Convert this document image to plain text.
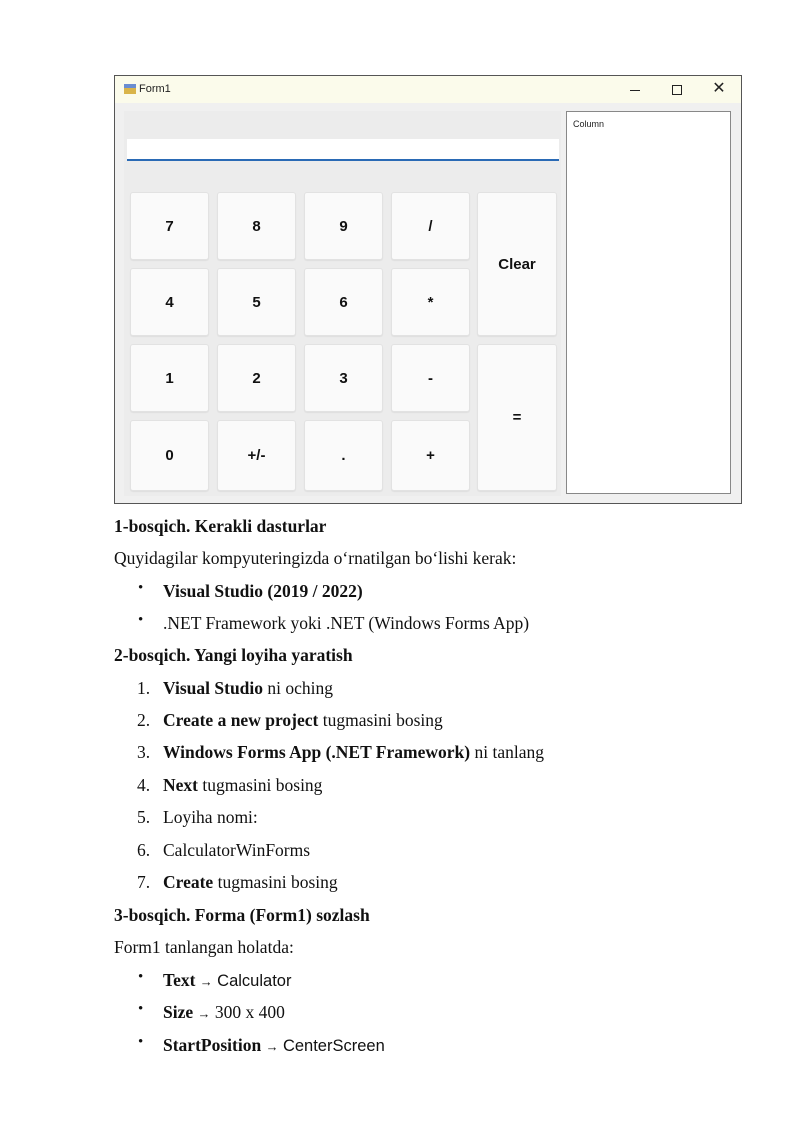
Form1	✕
7	8	9	/
Clear
4	5	6	*
1	2	3	-
=
0	+/-	.	+
Column
1-bosqich. Kerakli dasturlar
Quyidagilar kompyuteringizda o‘rnatilgan bo‘lishi kerak:
• Visual Studio (2019 / 2022)
• .NET Framework yoki .NET (Windows Forms App)
2-bosqich. Yangi loyiha yaratish
1. Visual Studio ni oching
2. Create a new project tugmasini bosing
3. Windows Forms App (.NET Framework) ni tanlang
4. Next tugmasini bosing
5. Loyiha nomi:
6. CalculatorWinForms
7. Create tugmasini bosing
3-bosqich. Forma (Form1) sozlash
Form1 tanlangan holatda:
• Text → Calculator
• Size → 300 x 400
• StartPosition → CenterScreen
